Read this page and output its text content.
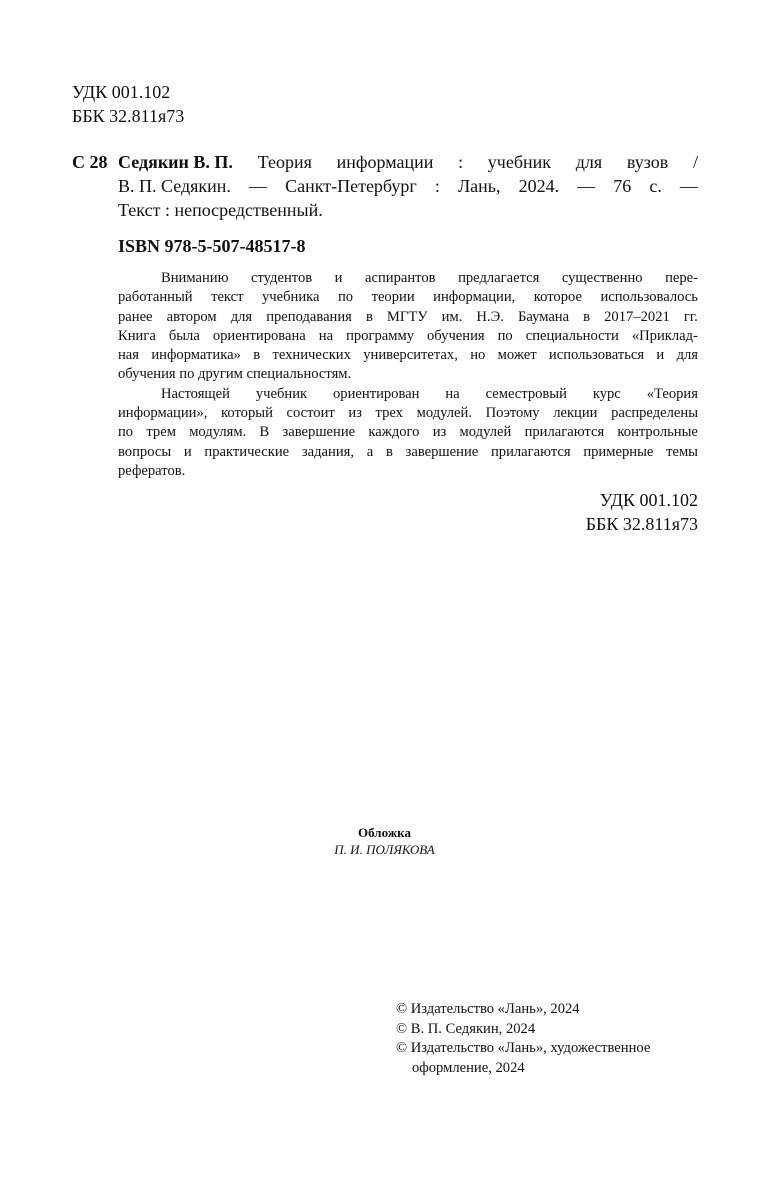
УДК 001.102
ББК 32.811я73
С 28 Седякин В. П. Теория информации : учебник для вузов /
В. П. Седякин. — Санкт-Петербург : Лань, 2024. — 76 с. —
Текст : непосредственный.
ISBN 978-5-507-48517-8
Вниманию студентов и аспирантов предлагается существенно пере-
работанный текст учебника по теории информации, которое использовалось
ранее автором для преподавания в МГТУ им. Н.Э. Баумана в 2017–2021 гг.
Книга была ориентирована на программу обучения по специальности «Приклад-
ная информатика» в технических университетах, но может использоваться и для
обучения по другим специальностям.
Настоящей учебник ориентирован на семестровый курс «Теория
информации», который состоит из трех модулей. Поэтому лекции распределены
по трем модулям. В завершение каждого из модулей прилагаются контрольные
вопросы и практические задания, а в завершение прилагаются примерные темы
рефератов.
УДК 001.102
ББК 32.811я73
Обложка
П. И. ПОЛЯКОВА
© Издательство «Лань», 2024
© В. П. Седякин, 2024
© Издательство «Лань», художественное
оформление, 2024
